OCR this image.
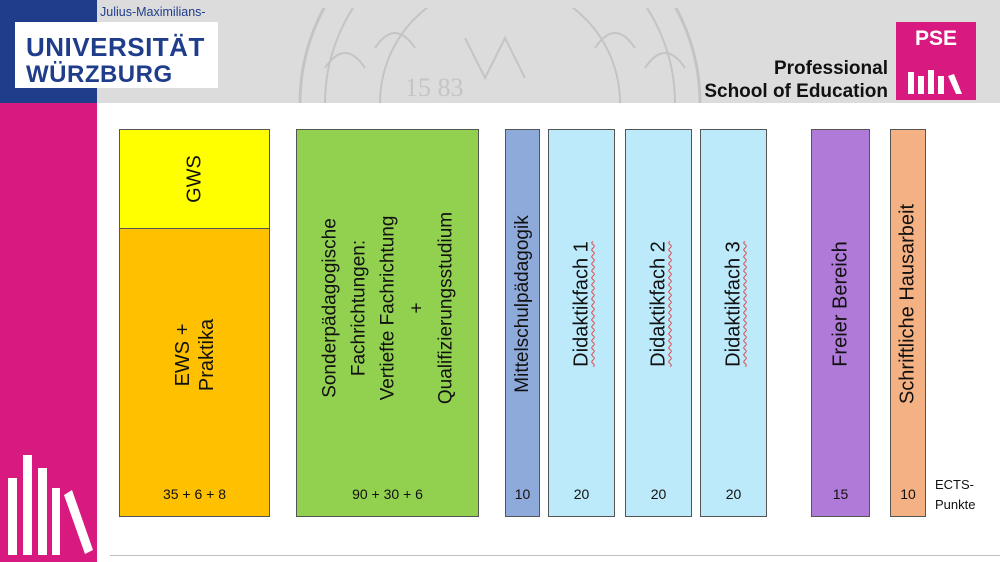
15 83
Julius-Maximilians-
UNIVERSITÄT
WÜRZBURG
PSE
Professional
School of Education
GWS
EWS + Praktika
35 + 6 + 8
Sonderpädagogische Fachrichtungen: Vertiefte Fachrichtung + Qualifizierungsstudium
90 + 30 + 6
Mittelschulpädagogik
10
Didaktikfach 1
20
Didaktikfach 2
20
Didaktikfach 3
20
Freier Bereich
15
Schriftliche Hausarbeit
10
ECTS-
Punkte
